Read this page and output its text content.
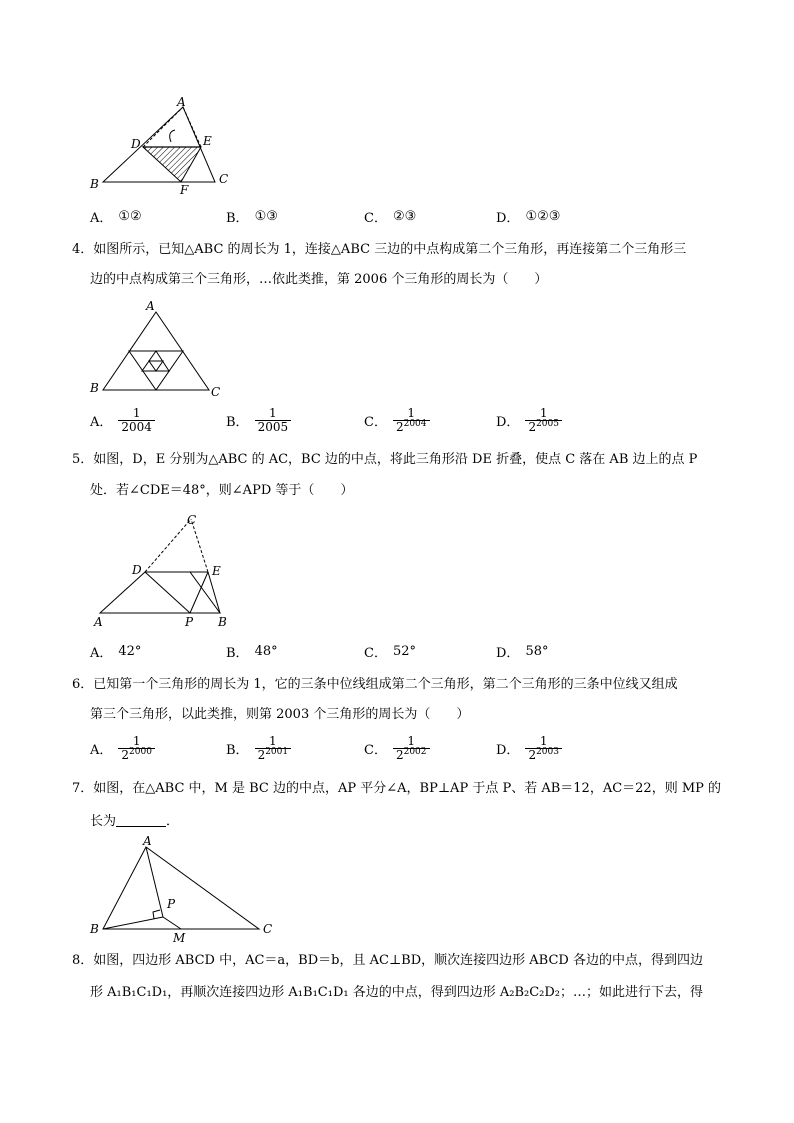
A
D	E
B	C
F
A． ①②	B． ①③	C． ②③	D． ①②③
4．如图所示，已知△ABC 的周长为 1，连接△ABC 三边的中点构成第二个三角形，再连接第二个三角形三
边的中点构成第三个三角形，…依此类推，第 2006 个三角形的周长为（　　）
A
B	C
A． $\frac{1}{2004}$	B． $\frac{1}{2005}$	C． $\frac{1}{2^{2004}}$	D． $\frac{1}{2^{2005}}$
5．如图，D，E 分别为△ABC 的 AC，BC 边的中点，将此三角形沿 DE 折叠，使点 C 落在 AB 边上的点 P
处．若∠CDE＝48°，则∠APD 等于（　　）
C
D	E
A	P B
A． 42°	B． 48°	C． 52°	D． 58°
6．已知第一个三角形的周长为 1，它的三条中位线组成第二个三角形，第二个三角形的三条中位线又组成
第三个三角形，以此类推，则第 2003 个三角形的周长为（　　）
A． $\frac{1}{2^{2000}}$	B． $\frac{1}{2^{2001}}$	C． $\frac{1}{2^{2002}}$	D． $\frac{1}{2^{2003}}$
7．如图，在△ABC 中，M 是 BC 边的中点，AP 平分∠A，BP⊥AP 于点 P、若 AB＝12，AC＝22，则 MP 的
长为	．
A
B	C
P
M
8．如图，四边形 ABCD 中，AC＝a，BD＝b，且 AC⊥BD，顺次连接四边形 ABCD 各边的中点，得到四边
形 A₁B₁C₁D₁，再顺次连接四边形 A₁B₁C₁D₁ 各边的中点，得到四边形 A₂B₂C₂D₂；…；如此进行下去，得
